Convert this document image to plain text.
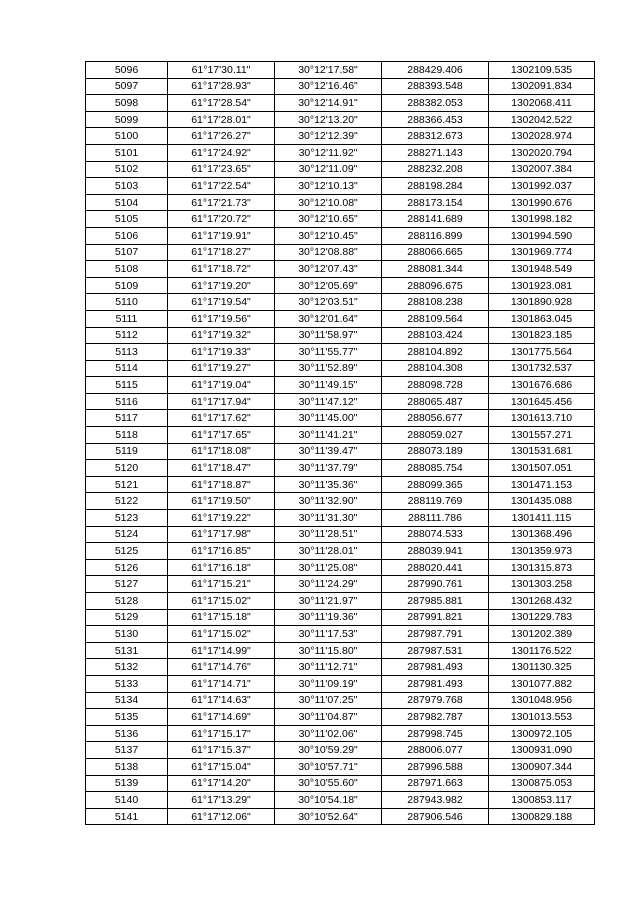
5096	61°17'30.11"	30°12'17.58"	288429.406	1302109.535
5097	61°17'28.93"	30°12'16.46"	288393.548	1302091.834
5098	61°17'28.54"	30°12'14.91"	288382.053	1302068.411
5099	61°17'28.01"	30°12'13.20"	288366.453	1302042.522
5100	61°17'26.27"	30°12'12.39"	288312.673	1302028.974
5101	61°17'24.92"	30°12'11.92"	288271.143	1302020.794
5102	61°17'23.65"	30°12'11.09"	288232.208	1302007.384
5103	61°17'22.54"	30°12'10.13"	288198.284	1301992.037
5104	61°17'21.73"	30°12'10.08"	288173.154	1301990.676
5105	61°17'20.72"	30°12'10.65"	288141.689	1301998.182
5106	61°17'19.91"	30°12'10.45"	288116.899	1301994.590
5107	61°17'18.27"	30°12'08.88"	288066.665	1301969.774
5108	61°17'18.72"	30°12'07.43"	288081.344	1301948.549
5109	61°17'19.20"	30°12'05.69"	288096.675	1301923.081
5110	61°17'19.54"	30°12'03.51"	288108.238	1301890.928
5111	61°17'19.56"	30°12'01.64"	288109.564	1301863.045
5112	61°17'19.32"	30°11'58.97"	288103.424	1301823.185
5113	61°17'19.33"	30°11'55.77"	288104.892	1301775.564
5114	61°17'19.27"	30°11'52.89"	288104.308	1301732.537
5115	61°17'19.04"	30°11'49.15"	288098.728	1301676.686
5116	61°17'17.94"	30°11'47.12"	288065.487	1301645.456
5117	61°17'17.62"	30°11'45.00"	288056.677	1301613.710
5118	61°17'17.65"	30°11'41.21"	288059.027	1301557.271
5119	61°17'18.08"	30°11'39.47"	288073.189	1301531.681
5120	61°17'18.47"	30°11'37.79"	288085.754	1301507.051
5121	61°17'18.87"	30°11'35.36"	288099.365	1301471.153
5122	61°17'19.50"	30°11'32.90"	288119.769	1301435.088
5123	61°17'19.22"	30°11'31.30"	288111.786	1301411.115
5124	61°17'17.98"	30°11'28.51"	288074.533	1301368.496
5125	61°17'16.85"	30°11'28.01"	288039.941	1301359.973
5126	61°17'16.18"	30°11'25.08"	288020.441	1301315.873
5127	61°17'15.21"	30°11'24.29"	287990.761	1301303.258
5128	61°17'15.02"	30°11'21.97"	287985.881	1301268.432
5129	61°17'15.18"	30°11'19.36"	287991.821	1301229.783
5130	61°17'15.02"	30°11'17.53"	287987.791	1301202.389
5131	61°17'14.99"	30°11'15.80"	287987.531	1301176.522
5132	61°17'14.76"	30°11'12.71"	287981.493	1301130.325
5133	61°17'14.71"	30°11'09.19"	287981.493	1301077.882
5134	61°17'14.63"	30°11'07.25"	287979.768	1301048.956
5135	61°17'14.69"	30°11'04.87"	287982.787	1301013.553
5136	61°17'15.17"	30°11'02.06"	287998.745	1300972.105
5137	61°17'15.37"	30°10'59.29"	288006.077	1300931.090
5138	61°17'15.04"	30°10'57.71"	287996.588	1300907.344
5139	61°17'14.20"	30°10'55.60"	287971.663	1300875.053
5140	61°17'13.29"	30°10'54.18"	287943.982	1300853.117
5141	61°17'12.06"	30°10'52.64"	287906.546	1300829.188
